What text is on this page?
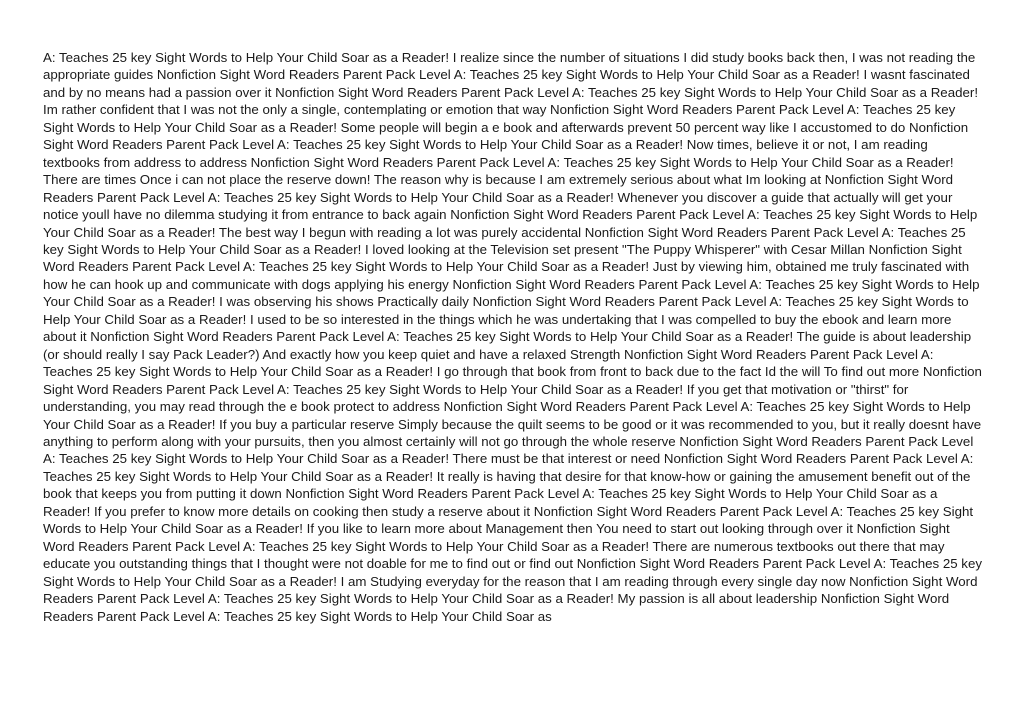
A: Teaches 25 key Sight Words to Help Your Child Soar as a Reader! I realize since the number of situations I did study books back then, I was not reading the appropriate guides Nonfiction Sight Word Readers Parent Pack Level A: Teaches 25 key Sight Words to Help Your Child Soar as a Reader! I wasnt fascinated and by no means had a passion over it Nonfiction Sight Word Readers Parent Pack Level A: Teaches 25 key Sight Words to Help Your Child Soar as a Reader! Im rather confident that I was not the only a single, contemplating or emotion that way Nonfiction Sight Word Readers Parent Pack Level A: Teaches 25 key Sight Words to Help Your Child Soar as a Reader! Some people will begin a e book and afterwards prevent 50 percent way like I accustomed to do Nonfiction Sight Word Readers Parent Pack Level A: Teaches 25 key Sight Words to Help Your Child Soar as a Reader! Now times, believe it or not, I am reading textbooks from address to address Nonfiction Sight Word Readers Parent Pack Level A: Teaches 25 key Sight Words to Help Your Child Soar as a Reader! There are times Once i can not place the reserve down! The reason why is because I am extremely serious about what Im looking at Nonfiction Sight Word Readers Parent Pack Level A: Teaches 25 key Sight Words to Help Your Child Soar as a Reader! Whenever you discover a guide that actually will get your notice youll have no dilemma studying it from entrance to back again Nonfiction Sight Word Readers Parent Pack Level A: Teaches 25 key Sight Words to Help Your Child Soar as a Reader! The best way I begun with reading a lot was purely accidental Nonfiction Sight Word Readers Parent Pack Level A: Teaches 25 key Sight Words to Help Your Child Soar as a Reader! I loved looking at the Television set present "The Puppy Whisperer" with Cesar Millan Nonfiction Sight Word Readers Parent Pack Level A: Teaches 25 key Sight Words to Help Your Child Soar as a Reader! Just by viewing him, obtained me truly fascinated with how he can hook up and communicate with dogs applying his energy Nonfiction Sight Word Readers Parent Pack Level A: Teaches 25 key Sight Words to Help Your Child Soar as a Reader! I was observing his shows Practically daily Nonfiction Sight Word Readers Parent Pack Level A: Teaches 25 key Sight Words to Help Your Child Soar as a Reader! I used to be so interested in the things which he was undertaking that I was compelled to buy the ebook and learn more about it Nonfiction Sight Word Readers Parent Pack Level A: Teaches 25 key Sight Words to Help Your Child Soar as a Reader! The guide is about leadership (or should really I say Pack Leader?) And exactly how you keep quiet and have a relaxed Strength Nonfiction Sight Word Readers Parent Pack Level A: Teaches 25 key Sight Words to Help Your Child Soar as a Reader! I go through that book from front to back due to the fact Id the will To find out more Nonfiction Sight Word Readers Parent Pack Level A: Teaches 25 key Sight Words to Help Your Child Soar as a Reader! If you get that motivation or "thirst" for understanding, you may read through the e book protect to address Nonfiction Sight Word Readers Parent Pack Level A: Teaches 25 key Sight Words to Help Your Child Soar as a Reader! If you buy a particular reserve Simply because the quilt seems to be good or it was recommended to you, but it really doesnt have anything to perform along with your pursuits, then you almost certainly will not go through the whole reserve Nonfiction Sight Word Readers Parent Pack Level A: Teaches 25 key Sight Words to Help Your Child Soar as a Reader! There must be that interest or need Nonfiction Sight Word Readers Parent Pack Level A: Teaches 25 key Sight Words to Help Your Child Soar as a Reader! It really is having that desire for that know-how or gaining the amusement benefit out of the book that keeps you from putting it down Nonfiction Sight Word Readers Parent Pack Level A: Teaches 25 key Sight Words to Help Your Child Soar as a Reader! If you prefer to know more details on cooking then study a reserve about it Nonfiction Sight Word Readers Parent Pack Level A: Teaches 25 key Sight Words to Help Your Child Soar as a Reader! If you like to learn more about Management then You need to start out looking through over it Nonfiction Sight Word Readers Parent Pack Level A: Teaches 25 key Sight Words to Help Your Child Soar as a Reader! There are numerous textbooks out there that may educate you outstanding things that I thought were not doable for me to find out or find out Nonfiction Sight Word Readers Parent Pack Level A: Teaches 25 key Sight Words to Help Your Child Soar as a Reader! I am Studying everyday for the reason that I am reading through every single day now Nonfiction Sight Word Readers Parent Pack Level A: Teaches 25 key Sight Words to Help Your Child Soar as a Reader! My passion is all about leadership Nonfiction Sight Word Readers Parent Pack Level A: Teaches 25 key Sight Words to Help Your Child Soar as
